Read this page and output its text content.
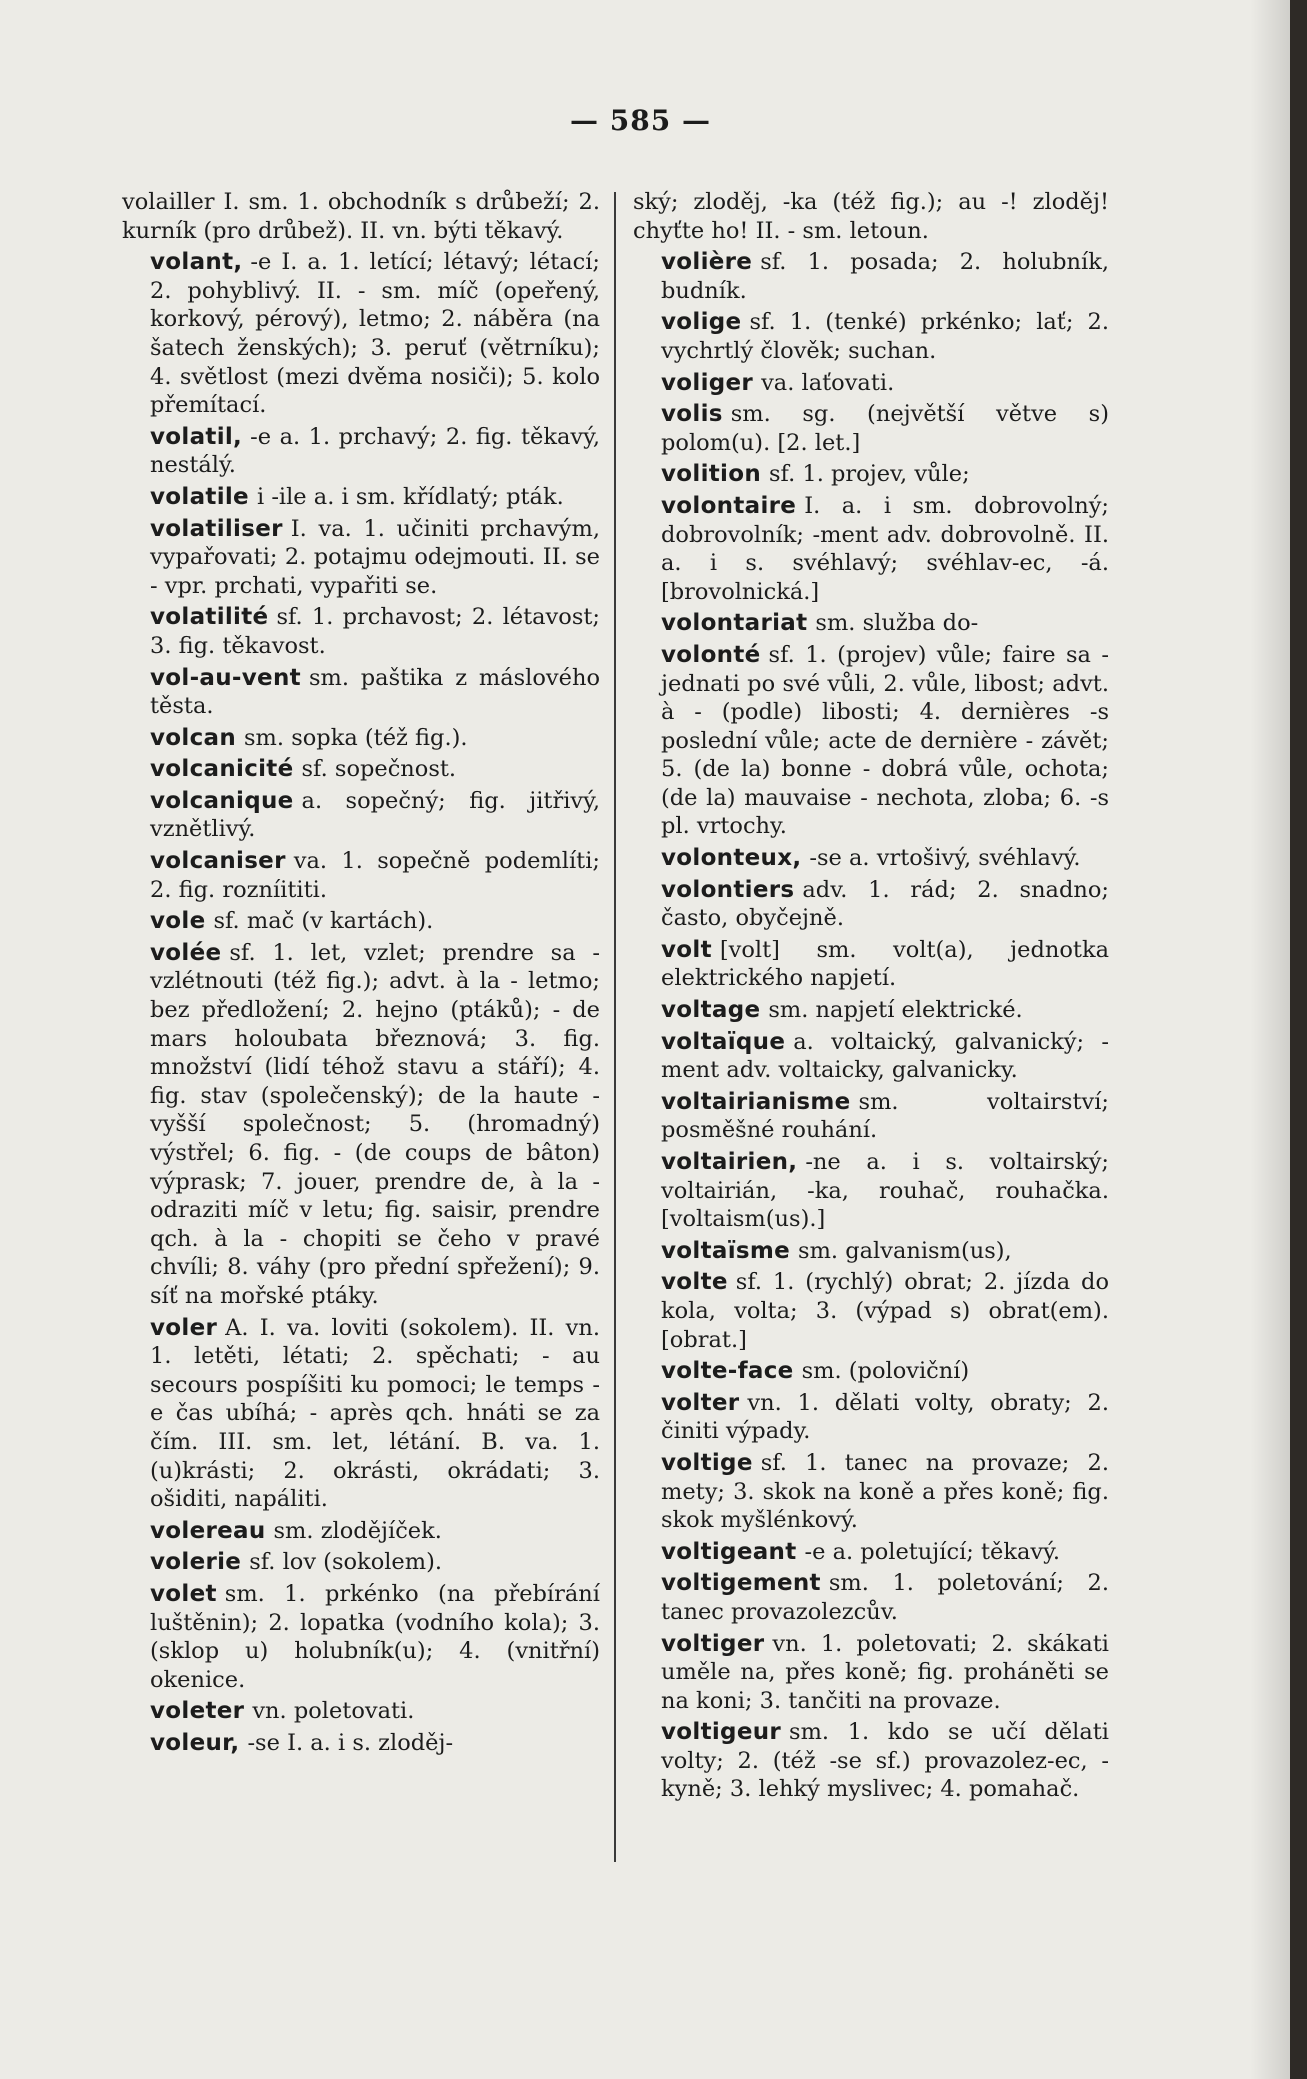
— 585 —

volailler I. sm. 1. obchodník s drůbeží; 2. kurník (pro drůbež). II. vn. býti těkavý.

volant, -e I. a. 1. letící; létavý; létací; 2. pohyblivý. II. - sm. míč (opeřený, korkový, pérový), letmo; 2. náběra (na šatech ženských); 3. peruť (větrníku); 4. světlost (mezi dvěma nosiči); 5. kolo přemítací.

volatil, -e a. 1. prchavý; 2. fig. těkavý, nestálý.

volatile i -ile a. i sm. křídlatý; pták.

volatiliser I. va. 1. učiniti prchavým, vypařovati; 2. potajmu odejmouti. II. se - vpr. prchati, vypařiti se.

volatilité sf. 1. prchavost; 2. létavost; 3. fig. těkavost.

vol-au-vent sm. paštika z máslového těsta.

volcan sm. sopka (též fig.).

volcanicité sf. sopečnost.

volcanique a. sopečný; fig. jitřivý, vznětlivý.

volcaniser va. 1. sopečně podemlíti; 2. fig. rozníititi.

vole sf. mač (v kartách).

volée sf. 1. let, vzlet; prendre sa - vzlétnouti (též fig.); advt. à la - letmo; bez předložení; 2. hejno (ptáků); - de mars holoubata březnová; 3. fig. množství (lidí téhož stavu a stáří); 4. fig. stav (společenský); de la haute - vyšší společnost; 5. (hromadný) výstřel; 6. fig. - (de coups de bâton) výprask; 7. jouer, prendre de, à la - odraziti míč v letu; fig. saisir, prendre qch. à la - chopiti se čeho v pravé chvíli; 8. váhy (pro přední spřežení); 9. síť na mořské ptáky.

voler A. I. va. loviti (sokolem). II. vn. 1. letěti, létati; 2. spěchati; - au secours pospíšiti ku pomoci; le temps -e čas ubíhá; - après qch. hnáti se za čím. III. sm. let, létání. B. va. 1. (u)krásti; 2. okrásti, okrádati; 3. ošiditi, napáliti.

volereau sm. zlodějíček.

volerie sf. lov (sokolem).

volet sm. 1. prkénko (na přebírání luštěnin); 2. lopatka (vodního kola); 3. (sklop u) holubník(u); 4. (vnitřní) okenice.

voleter vn. poletovati.

voleur, -se I. a. i s. zloděj-

ský; zloděj, -ka (též fig.); au -! zloděj! chyťte ho! II. - sm. letoun.

volière sf. 1. posada; 2. holubník, budník.

volige sf. 1. (tenké) prkénko; lať; 2. vychrtlý člověk; suchan.

voliger va. laťovati.

volis sm. sg. (největší větve s) polom(u). [2. let.]

volition sf. 1. projev, vůle;

volontaire I. a. i sm. dobrovolný; dobrovolník; -ment adv. dobrovolně. II. a. i s. svéhlavý; svéhlav-ec, -á. [brovolnická.]

volontariat sm. služba do-

volonté sf. 1. (projev) vůle; faire sa - jednati po své vůli, 2. vůle, libost; advt. à - (podle) libosti; 4. dernières -s poslední vůle; acte de dernière - závět; 5. (de la) bonne - dobrá vůle, ochota; (de la) mauvaise - nechota, zloba; 6. -s pl. vrtochy.

volonteux, -se a. vrtošivý, svéhlavý.

volontiers adv. 1. rád; 2. snadno; často, obyčejně.

volt [volt] sm. volt(a), jednotka elektrického napjetí.

voltage sm. napjetí elektrické.

voltaïque a. voltaický, galvanický; -ment adv. voltaicky, galvanicky.

voltairianisme sm. voltairství; posměšné rouhání.

voltairien, -ne a. i s. voltairský; voltairián, -ka, rouhač, rouhačka. [voltaism(us).]

voltaïsme sm. galvanism(us),

volte sf. 1. (rychlý) obrat; 2. jízda do kola, volta; 3. (výpad s) obrat(em). [obrat.]

volte-face sm. (poloviční)

volter vn. 1. dělati volty, obraty; 2. činiti výpady.

voltige sf. 1. tanec na provaze; 2. mety; 3. skok na koně a přes koně; fig. skok myšlénkový.

voltigeant -e a. poletující; těkavý.

voltigement sm. 1. poletování; 2. tanec provazolezcův.

voltiger vn. 1. poletovati; 2. skákati uměle na, přes koně; fig. proháněti se na koni; 3. tančiti na provaze.

voltigeur sm. 1. kdo se učí dělati volty; 2. (též -se sf.) provazolez-ec, -kyně; 3. lehký myslivec; 4. pomahač.
